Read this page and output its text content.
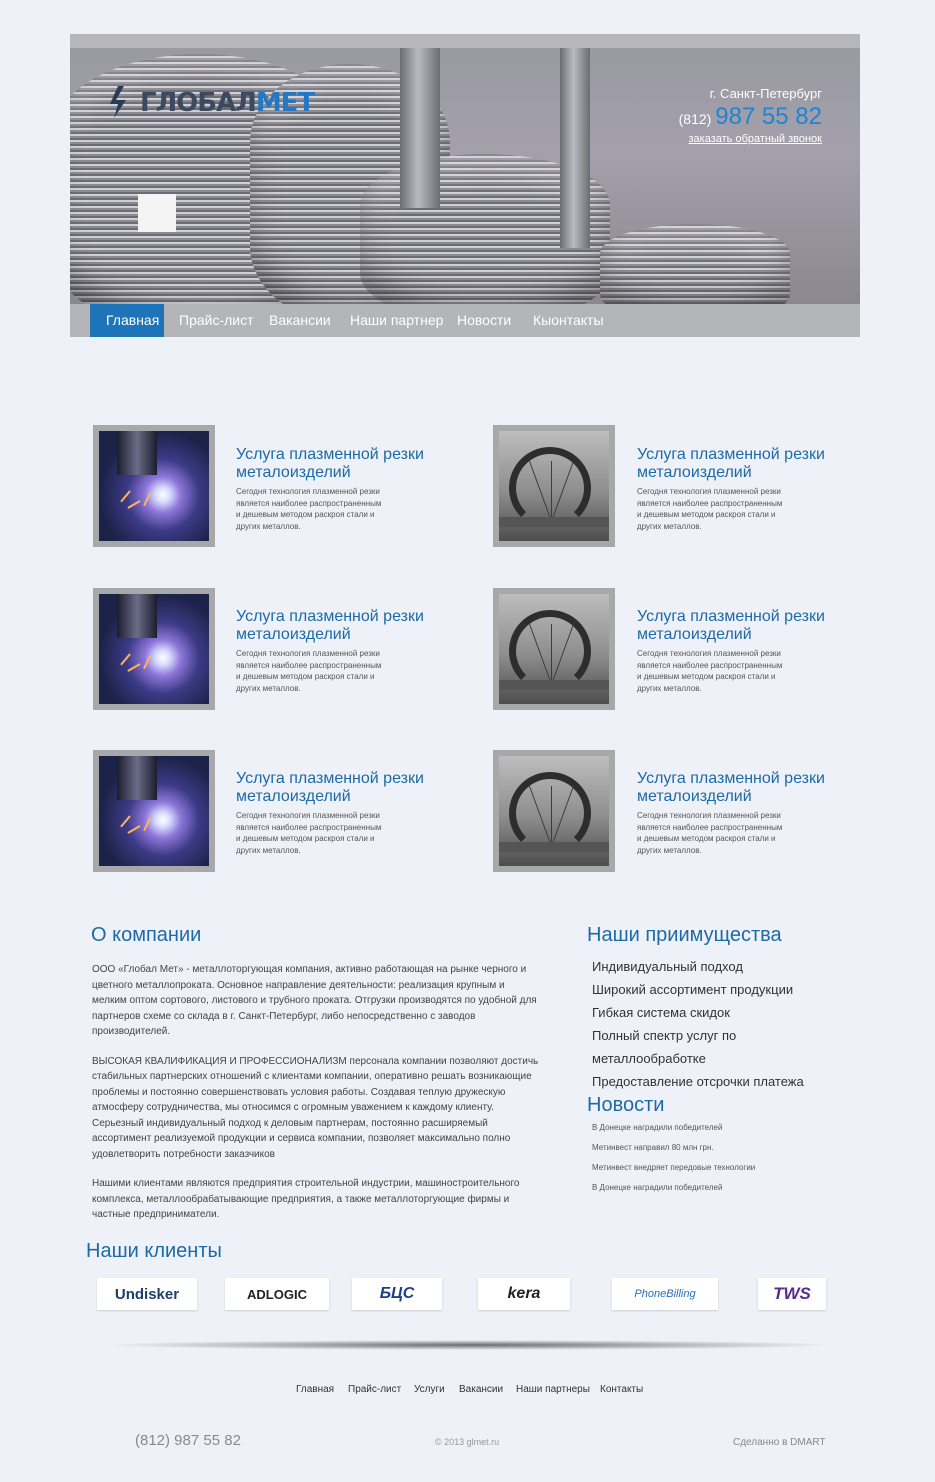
ГЛОБАЛМЕТ	г. Санкт-Петербург
(812) 987 55 82
заказать обратный звонок
Главная	Прайс-лист	Вакансии	Наши партнер Новости	Кыонтакты
Услуга плазменной резки металоизделий
Сегодня технология плазменной резки является наиболее распространенным и дешевым методом раскроя стали и других металлов.
Услуга плазменной резки металоизделий
Сегодня технология плазменной резки является наиболее распространенным и дешевым методом раскроя стали и других металлов.
Услуга плазменной резки металоизделий
Сегодня технология плазменной резки является наиболее распространенным и дешевым методом раскроя стали и других металлов.
Услуга плазменной резки металоизделий
Сегодня технология плазменной резки является наиболее распространенным и дешевым методом раскроя стали и других металлов.
Услуга плазменной резки металоизделий
Сегодня технология плазменной резки является наиболее распространенным и дешевым методом раскроя стали и других металлов.
Услуга плазменной резки металоизделий
Сегодня технология плазменной резки является наиболее распространенным и дешевым методом раскроя стали и других металлов.
О компании

ООО «Глобал Мет» - металлоторгующая компания, активно работающая на рынке черного и цветного металлопроката. Основное направление деятельности: реализация крупным и мелким оптом сортового, листового и трубного проката. Отгрузки производятся по удобной для партнеров схеме со склада в г. Санкт-Петербург, либо непосредственно с заводов производителей.

ВЫСОКАЯ КВАЛИФИКАЦИЯ И ПРОФЕССИОНАЛИЗМ персонала компании позволяют достичь стабильных партнерских отношений с клиентами компании, оперативно решать возникающие проблемы и постоянно совершенствовать условия работы. Создавая теплую дружескую атмосферу сотрудничества, мы относимся с огромным уважением к каждому клиенту. Серьезный индивидуальный подход к деловым партнерам, постоянно расширяемый ассортимент реализуемой продукции и сервиса компании, позволяет максимально полно удовлетворить потребности заказчиков

Нашими клиентами являются предприятия строительной индустрии, машиностроительного комплекса, металлообрабатывающие предприятия, а также металлоторгующие фирмы и частные предприниматели.

Наши приимущества
Индивидуальный подход
Широкий ассортимент продукции
Гибкая система скидок
Полный спектр услуг по металлообработке
Предоставление отсрочки платежа
Новости
В Донецке наградили победителей
Метинвест направил 80 млн грн.
Метинвест внедряет передовые технологии
В Донецке наградили победителей
Наши клиенты
Undisker	ADLOGIC	БЦС	kera	PhoneBilling	TWS
Главная Прайс-лист Услуги Вакансии Наши партнеры Контакты
(812) 987 55 82	© 2013 glmet.ru	Сделанно в DMART
